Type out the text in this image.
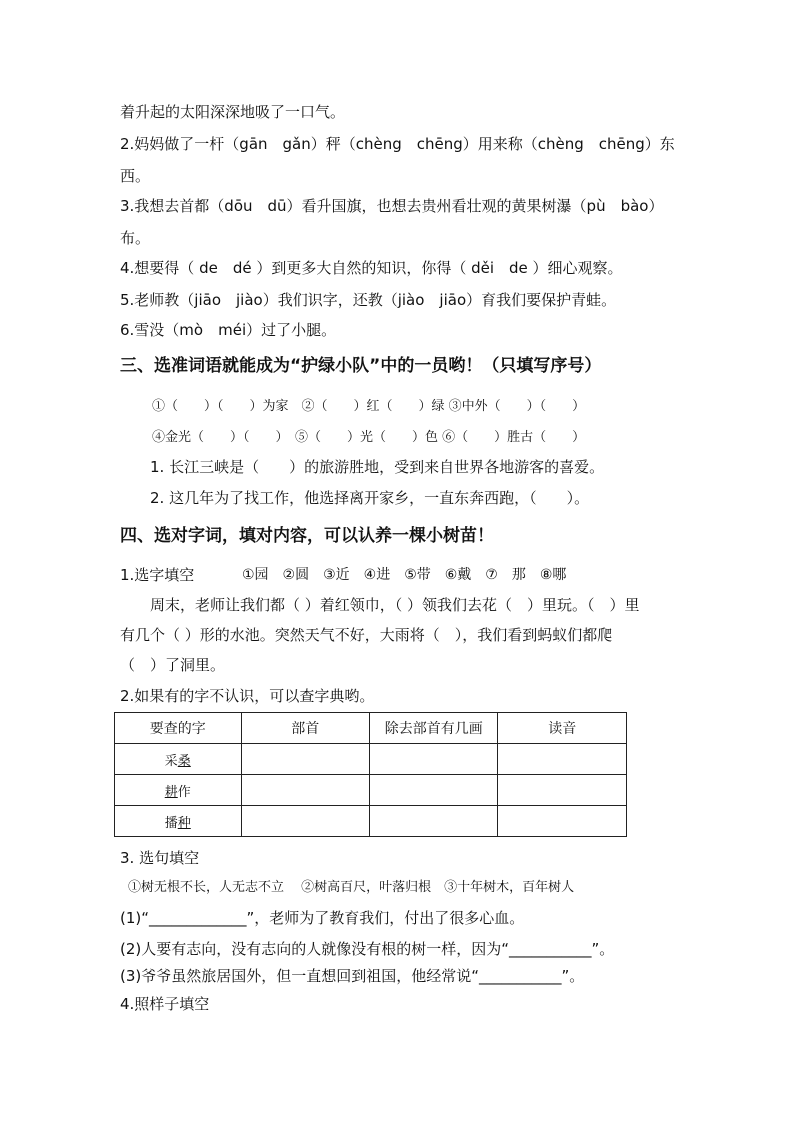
着升起的太阳深深地吸了一口气。
2.妈妈做了一杆（gān　gǎn）秤（chèng　chēng）用来称（chèng　chēng）东
西。
3.我想去首都（dōu　dū）看升国旗，也想去贵州看壮观的黄果树瀑（pù　bào）
布。
4.想要得（ de　dé ）到更多大自然的知识，你得（ děi　de ）细心观察。
5.老师教（jiāo　jiào）我们识字，还教（jiào　jiāo）育我们要保护青蛙。
6.雪没（mò　méi）过了小腿。
三、选准词语就能成为“护绿小队”中的一员哟！（只填写序号）
①（　　）（　　）为家　②（　　）红（　　）绿 ③中外（　　）（　　）
④金光（　　）（　　）　⑤（　　）光（　　）色 ⑥（　　）胜古（　　）
1. 长江三峡是（　　）的旅游胜地，受到来自世界各地游客的喜爱。
2. 这几年为了找工作，他选择离开家乡，一直东奔西跑，（　　）。
四、选对字词，填对内容，可以认养一棵小树苗！
1.选字填空	①园　②圆　③近　④进　⑤带　⑥戴　⑦　那　⑧哪
周末，老师让我们都（ ）着红领巾，（ ）领我们去花（　）里玩。（　）里
有几个（ ）形的水池。突然天气不好，大雨将（　），我们看到蚂蚁们都爬
（　）了洞里。
2.如果有的字不认识，可以查字典哟。
要查的字	部首	除去部首有几画	读音
采桑			
耕作			
播种			
3. 选句填空
①树无根不长，人无志不立　 ②树高百尺，叶落归根　③十年树木，百年树人
(1)“_____________”，老师为了教育我们，付出了很多心血。
(2)人要有志向，没有志向的人就像没有根的树一样，因为“___________”。
(3)爷爷虽然旅居国外，但一直想回到祖国，他经常说“___________”。
4.照样子填空
